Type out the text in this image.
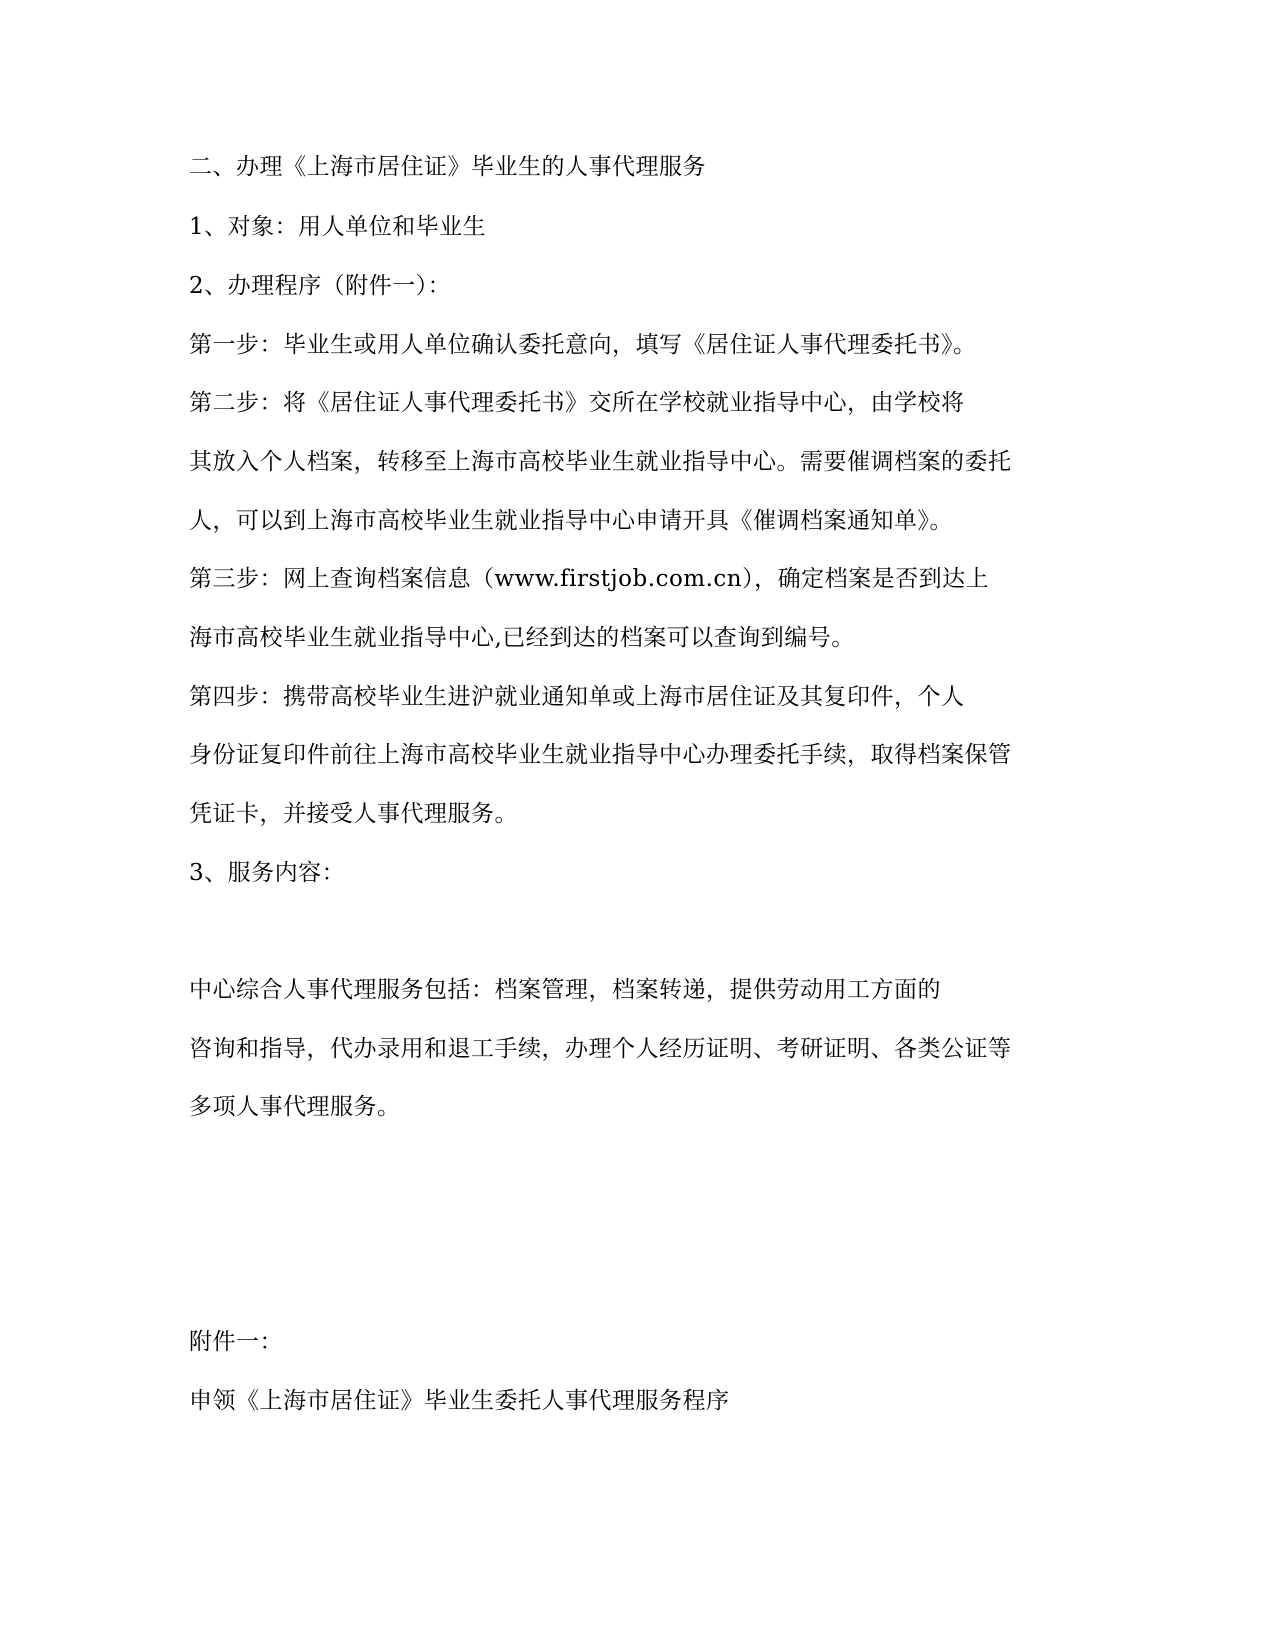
二、办理《上海市居住证》毕业生的人事代理服务
1、对象：用人单位和毕业生
2、办理程序（附件一）：
第一步：毕业生或用人单位确认委托意向，填写《居住证人事代理委托书》。
第二步：将《居住证人事代理委托书》交所在学校就业指导中心，由学校将
其放入个人档案，转移至上海市高校毕业生就业指导中心。需要催调档案的委托
人，可以到上海市高校毕业生就业指导中心申请开具《催调档案通知单》。
第三步：网上查询档案信息（www.firstjob.com.cn），确定档案是否到达上
海市高校毕业生就业指导中心,已经到达的档案可以查询到编号。
第四步：携带高校毕业生进沪就业通知单或上海市居住证及其复印件，个人
身份证复印件前往上海市高校毕业生就业指导中心办理委托手续，取得档案保管
凭证卡，并接受人事代理服务。
3、服务内容：
中心综合人事代理服务包括：档案管理，档案转递，提供劳动用工方面的
咨询和指导，代办录用和退工手续，办理个人经历证明、考研证明、各类公证等
多项人事代理服务。
附件一：
申领《上海市居住证》毕业生委托人事代理服务程序
